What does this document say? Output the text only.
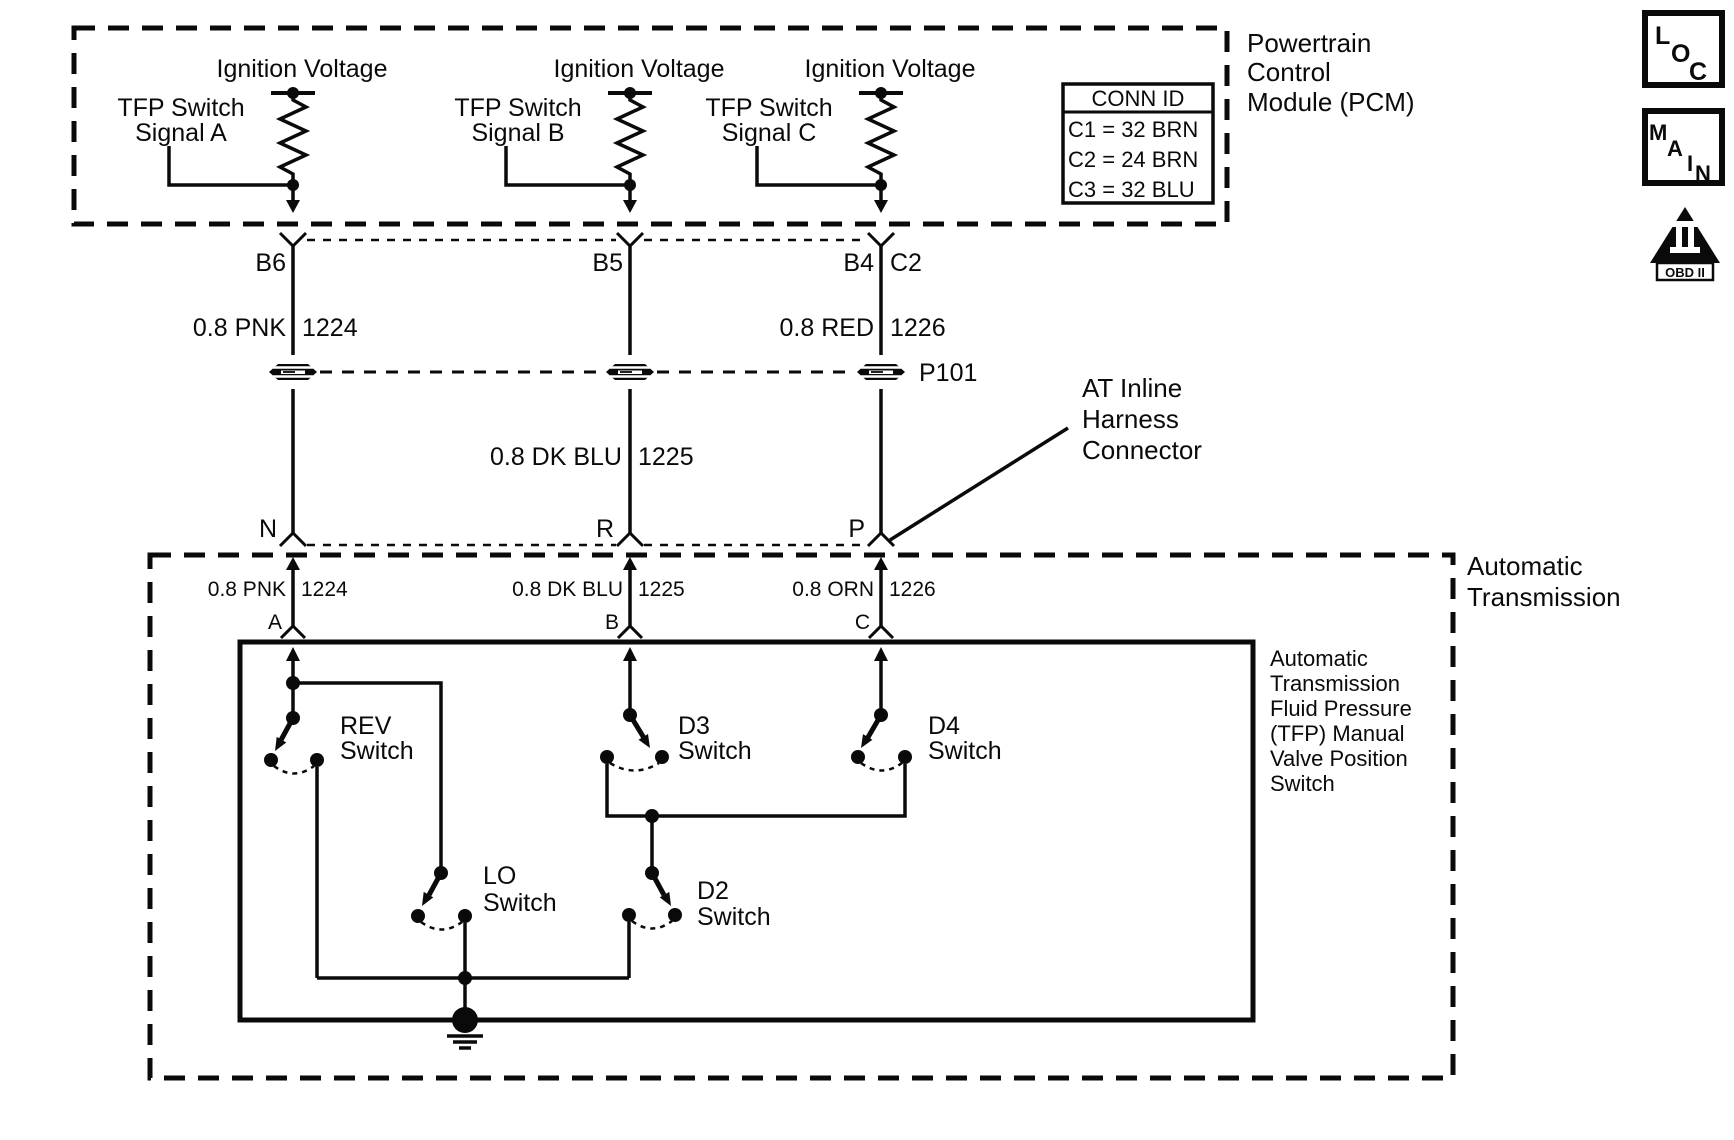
Powertrain
Control
Module (PCM)
CONN ID
C1 = 32 BRN
C2 = 24 BRN
C3 = 32 BLU
Ignition Voltage
TFP Switch
Signal A
Ignition Voltage
TFP Switch
Signal B
Ignition Voltage
TFP Switch
Signal C
B6	B5	B4 C2
0.8 PNK 1224	0.8 RED 1226
P101
0.8 DK BLU 1225
AT Inline
Harness
Connector
N	R	P
Automatic
Transmission
0.8 PNK 1224	0.8 DK BLU 1225	0.8 ORN 1226
A	B	C
Automatic
Transmission
Fluid Pressure
(TFP) Manual
Valve Position
Switch
REV
Switch
D3
Switch
D4
Switch
LO
Switch	D2
Switch
L
O
C
M
A
I N
OBD II
